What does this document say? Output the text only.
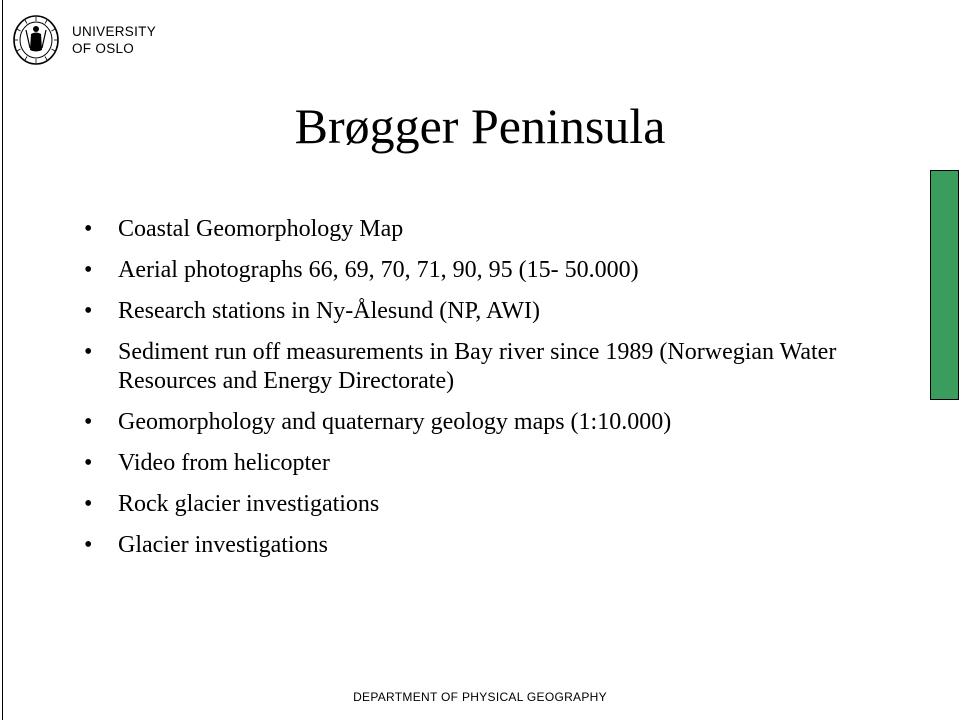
UNIVERSITY
OF OSLO
Brøgger Peninsula
• Coastal Geomorphology Map
• Aerial photographs 66, 69, 70, 71, 90, 95 (15- 50.000)
• Research stations in Ny-Ålesund (NP, AWI)
• Sediment run off measurements in Bay river since 1989 (Norwegian Water Resources and Energy Directorate)
• Geomorphology and quaternary geology maps (1:10.000)
• Video from helicopter
• Rock glacier investigations
• Glacier investigations
DEPARTMENT OF PHYSICAL GEOGRAPHY
